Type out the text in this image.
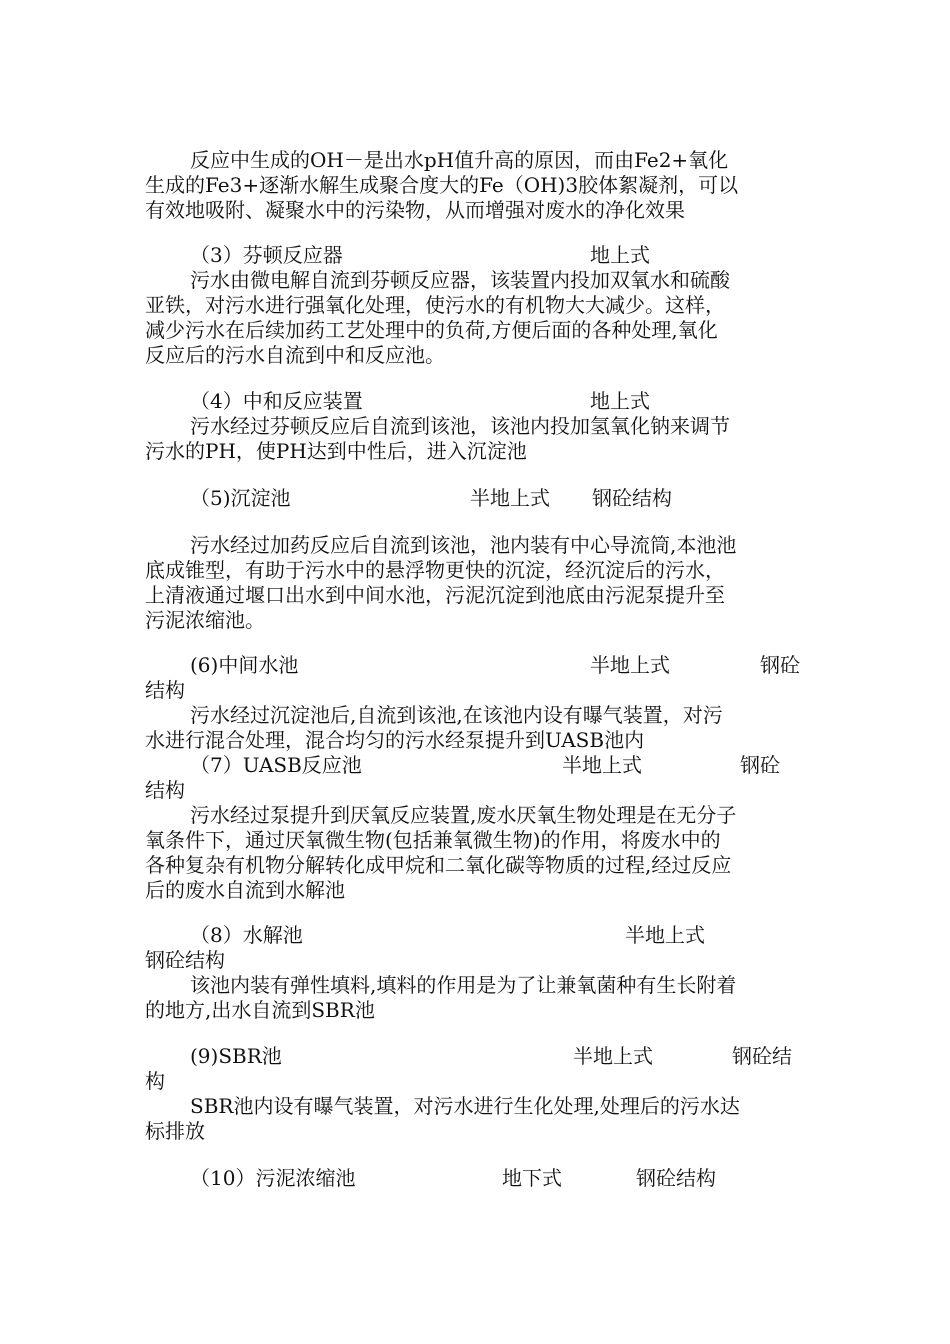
反应中生成的OH－是出水pH值升高的原因，而由Fe2+氧化
生成的Fe3+逐渐水解生成聚合度大的Fe（OH)3胶体絮凝剂，可以
有效地吸附、凝聚水中的污染物，从而增强对废水的净化效果
（3）芬顿反应器	地上式
污水由微电解自流到芬顿反应器，该装置内投加双氧水和硫酸
亚铁，对污水进行强氧化处理，使污水的有机物大大减少。这样，
减少污水在后续加药工艺处理中的负荷,方便后面的各种处理,氧化
反应后的污水自流到中和反应池。
（4）中和反应装置	地上式
污水经过芬顿反应后自流到该池，该池内投加氢氧化钠来调节
污水的PH，使PH达到中性后，进入沉淀池
（5)沉淀池	半地上式 钢砼结构
污水经过加药反应后自流到该池，池内装有中心导流筒,本池池
底成锥型，有助于污水中的悬浮物更快的沉淀，经沉淀后的污水，
上清液通过堰口出水到中间水池，污泥沉淀到池底由污泥泵提升至
污泥浓缩池。
(6)中间水池	半地上式	钢砼
结构
污水经过沉淀池后,自流到该池,在该池内设有曝气装置，对污
水进行混合处理，混合均匀的污水经泵提升到UASB池内
（7）UASB反应池	半地上式	钢砼
结构
污水经过泵提升到厌氧反应装置,废水厌氧生物处理是在无分子
氧条件下，通过厌氧微生物(包括兼氧微生物)的作用，将废水中的
各种复杂有机物分解转化成甲烷和二氧化碳等物质的过程,经过反应
后的废水自流到水解池
（8）水解池	半地上式
钢砼结构
该池内装有弹性填料,填料的作用是为了让兼氧菌种有生长附着
的地方,出水自流到SBR池
(9)SBR池	半地上式	钢砼结
构
SBR池内设有曝气装置，对污水进行生化处理,处理后的污水达
标排放
（10）污泥浓缩池	地下式	钢砼结构
